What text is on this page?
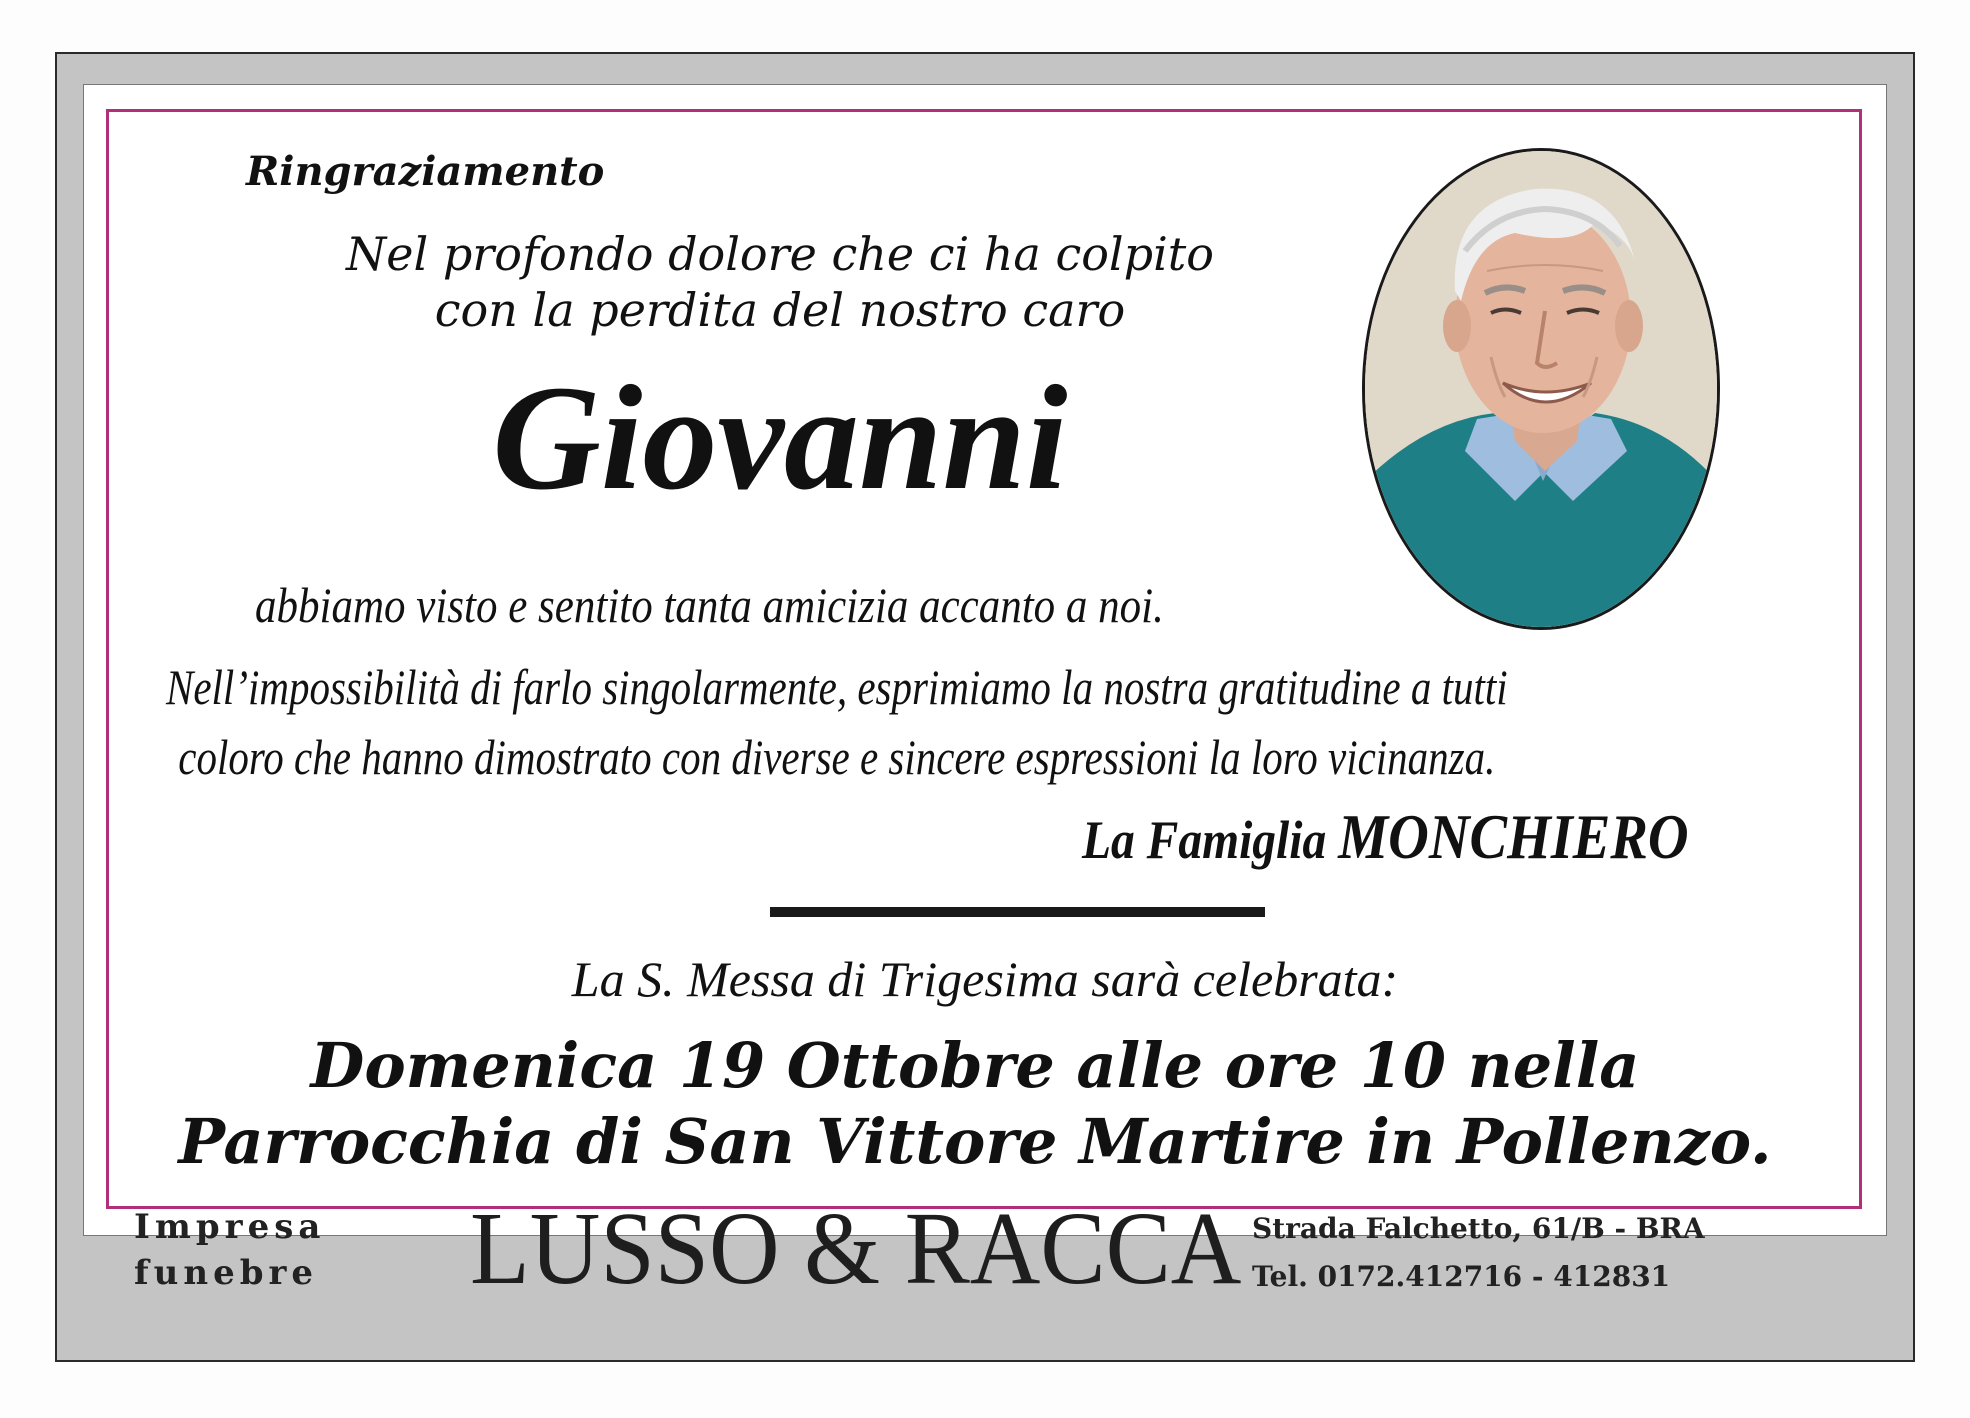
Ringraziamento
Nel profondo dolore che ci ha colpito
con la perdita del nostro caro
Giovanni
abbiamo visto e sentito tanta amicizia accanto a noi.
Nell’impossibilità di farlo singolarmente, esprimiamo la nostra gratitudine a tutti
coloro che hanno dimostrato con diverse e sincere espressioni la loro vicinanza.
La Famiglia MONCHIERO
La S. Messa di Trigesima sarà celebrata:
Domenica 19 Ottobre alle ore 10 nella
Parrocchia di San Vittore Martire in Pollenzo.
Impresa
funebre LUSSO & RACCA Strada Falchetto, 61/B - BRA
Tel. 0172.412716 - 412831
